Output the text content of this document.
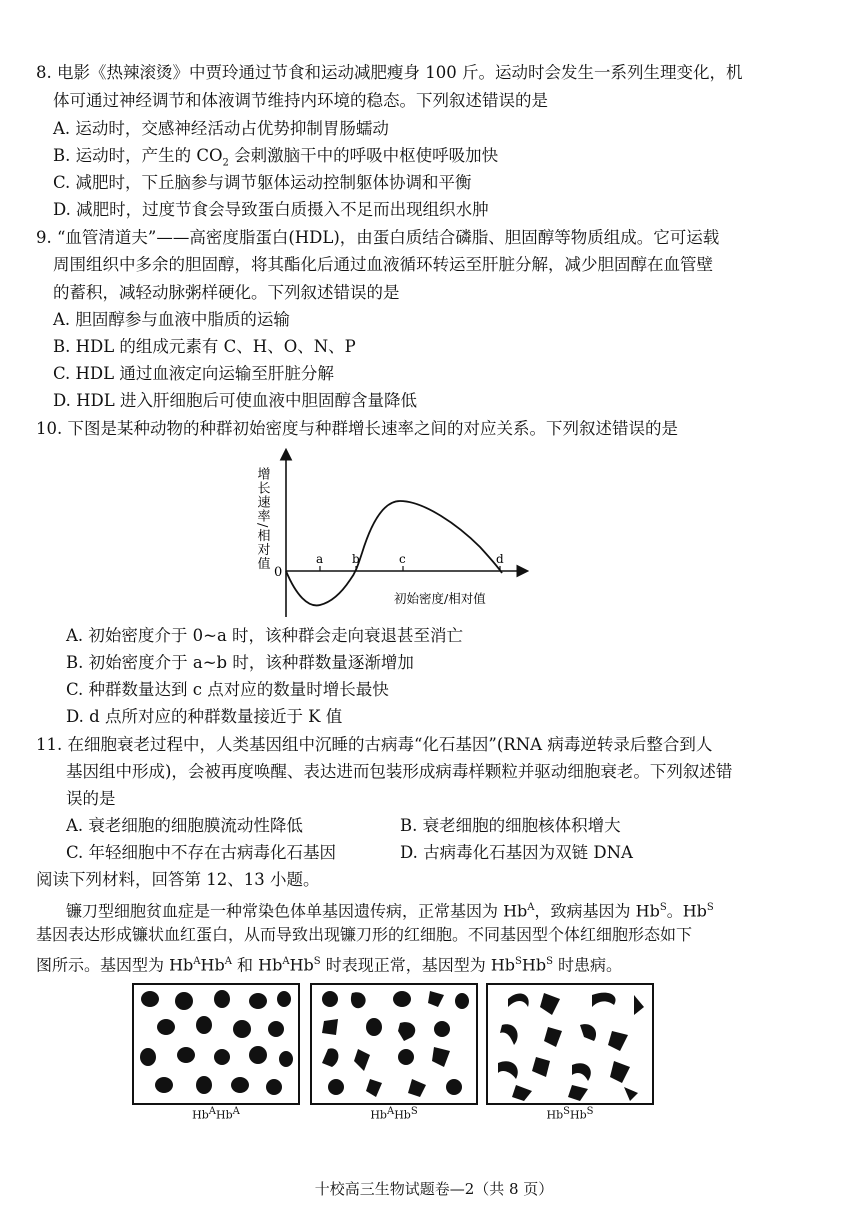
8. 电影《热辣滚烫》中贾玲通过节食和运动减肥瘦身 100 斤。运动时会发生一系列生理变化，机
体可通过神经调节和体液调节维持内环境的稳态。下列叙述错误的是
A. 运动时，交感神经活动占优势抑制胃肠蠕动
B. 运动时，产生的 $CO_2$ 会刺激脑干中的呼吸中枢使呼吸加快
C. 减肥时，下丘脑参与调节躯体运动控制躯体协调和平衡
D. 减肥时，过度节食会导致蛋白质摄入不足而出现组织水肿
9. “血管清道夫”——高密度脂蛋白(HDL)，由蛋白质结合磷脂、胆固醇等物质组成。它可运载
周围组织中多余的胆固醇，将其酯化后通过血液循环转运至肝脏分解，减少胆固醇在血管壁
的蓄积，减轻动脉粥样硬化。下列叙述错误的是
A. 胆固醇参与血液中脂质的运输
B. HDL 的组成元素有 C、H、O、N、P
C. HDL 通过血液定向运输至肝脏分解
D. HDL 进入肝细胞后可使血液中胆固醇含量降低
10. 下图是某种动物的种群初始密度与种群增长速率之间的对应关系。下列叙述错误的是
增长速率/相对值
0
a b	c	d
初始密度/相对值
A. 初始密度介于 0~a 时，该种群会走向衰退甚至消亡
B. 初始密度介于 a~b 时，该种群数量逐渐增加
C. 种群数量达到 c 点对应的数量时增长最快
D. d 点所对应的种群数量接近于 K 值
11. 在细胞衰老过程中，人类基因组中沉睡的古病毒“化石基因”(RNA 病毒逆转录后整合到人
基因组中形成)，会被再度唤醒、表达进而包装形成病毒样颗粒并驱动细胞衰老。下列叙述错
误的是
A. 衰老细胞的细胞膜流动性降低	B. 衰老细胞的细胞核体积增大
C. 年轻细胞中不存在古病毒化石基因	D. 古病毒化石基因为双链 DNA
阅读下列材料，回答第 12、13 小题。
镰刀型细胞贫血症是一种常染色体单基因遗传病，正常基因为 $Hb^A$，致病基因为 $Hb^S$。$Hb^S$
基因表达形成镰状血红蛋白，从而导致出现镰刀形的红细胞。不同基因型个体红细胞形态如下
图所示。基因型为 $Hb^AHb^A$ 和 $Hb^AHb^S$ 时表现正常，基因型为 $Hb^SHb^S$ 时患病。
$Hb^AHb^A$	$Hb^AHb^S$	$Hb^SHb^S$
十校高三生物试题卷—2（共 8 页）
